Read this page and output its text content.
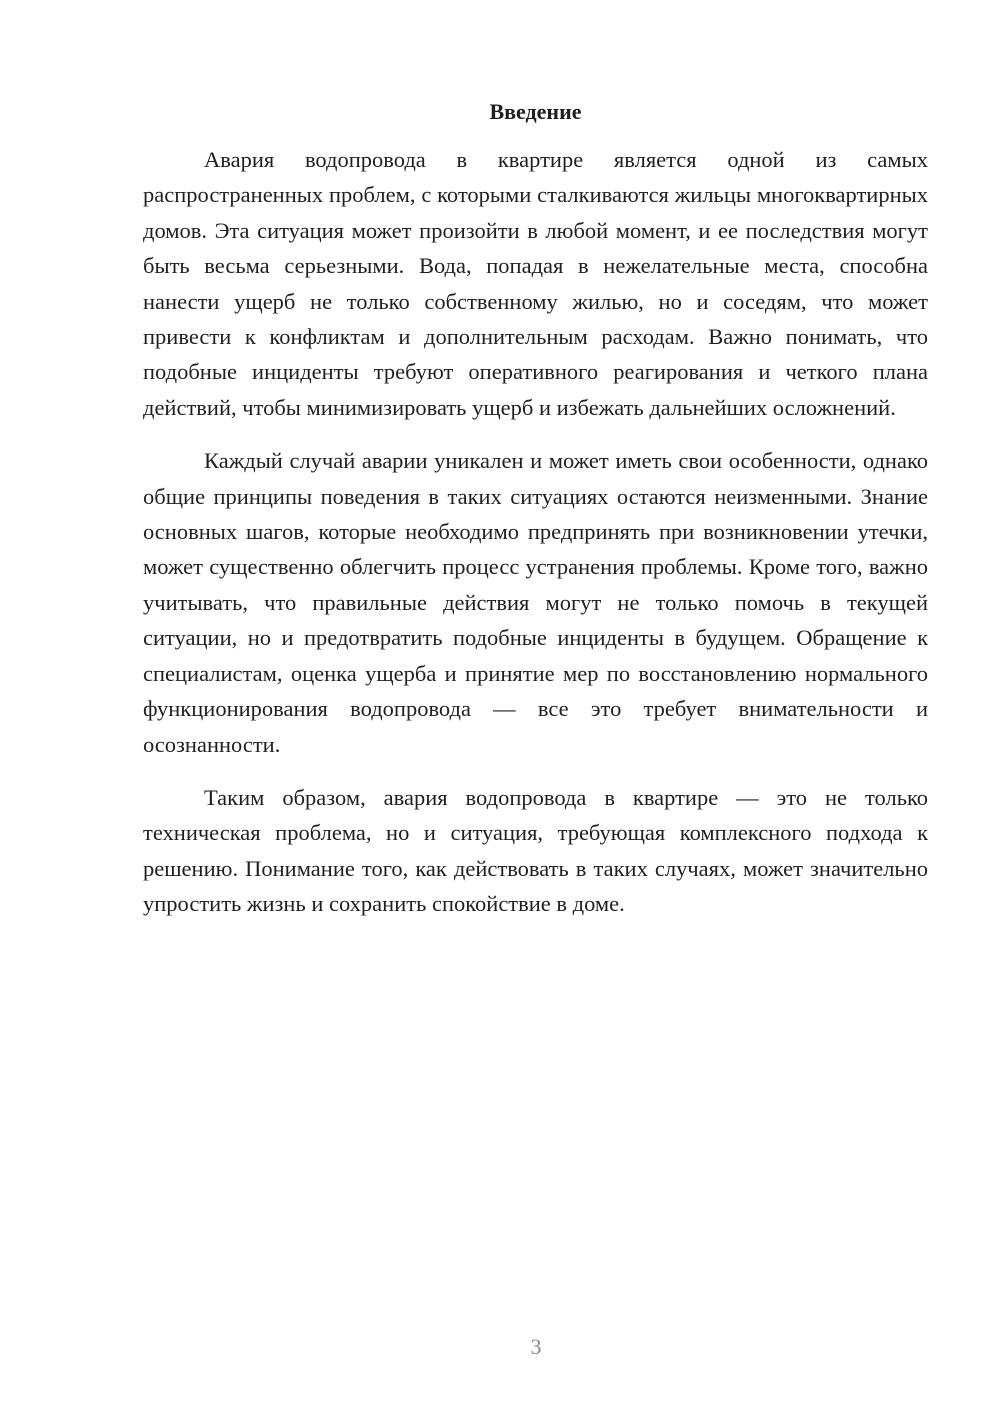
Введение

Авария водопровода в квартире является одной из самых распространенных проблем, с которыми сталкиваются жильцы многоквартирных домов. Эта ситуация может произойти в любой момент, и ее последствия могут быть весьма серьезными. Вода, попадая в нежелательные места, способна нанести ущерб не только собственному жилью, но и соседям, что может привести к конфликтам и дополнительным расходам. Важно понимать, что подобные инциденты требуют оперативного реагирования и четкого плана действий, чтобы минимизировать ущерб и избежать дальнейших осложнений.

Каждый случай аварии уникален и может иметь свои особенности, однако общие принципы поведения в таких ситуациях остаются неизменными. Знание основных шагов, которые необходимо предпринять при возникновении утечки, может существенно облегчить процесс устранения проблемы. Кроме того, важно учитывать, что правильные действия могут не только помочь в текущей ситуации, но и предотвратить подобные инциденты в будущем. Обращение к специалистам, оценка ущерба и принятие мер по восстановлению нормального функционирования водопровода — все это требует внимательности и осознанности.

Таким образом, авария водопровода в квартире — это не только техническая проблема, но и ситуация, требующая комплексного подхода к решению. Понимание того, как действовать в таких случаях, может значительно упростить жизнь и сохранить спокойствие в доме.

3
